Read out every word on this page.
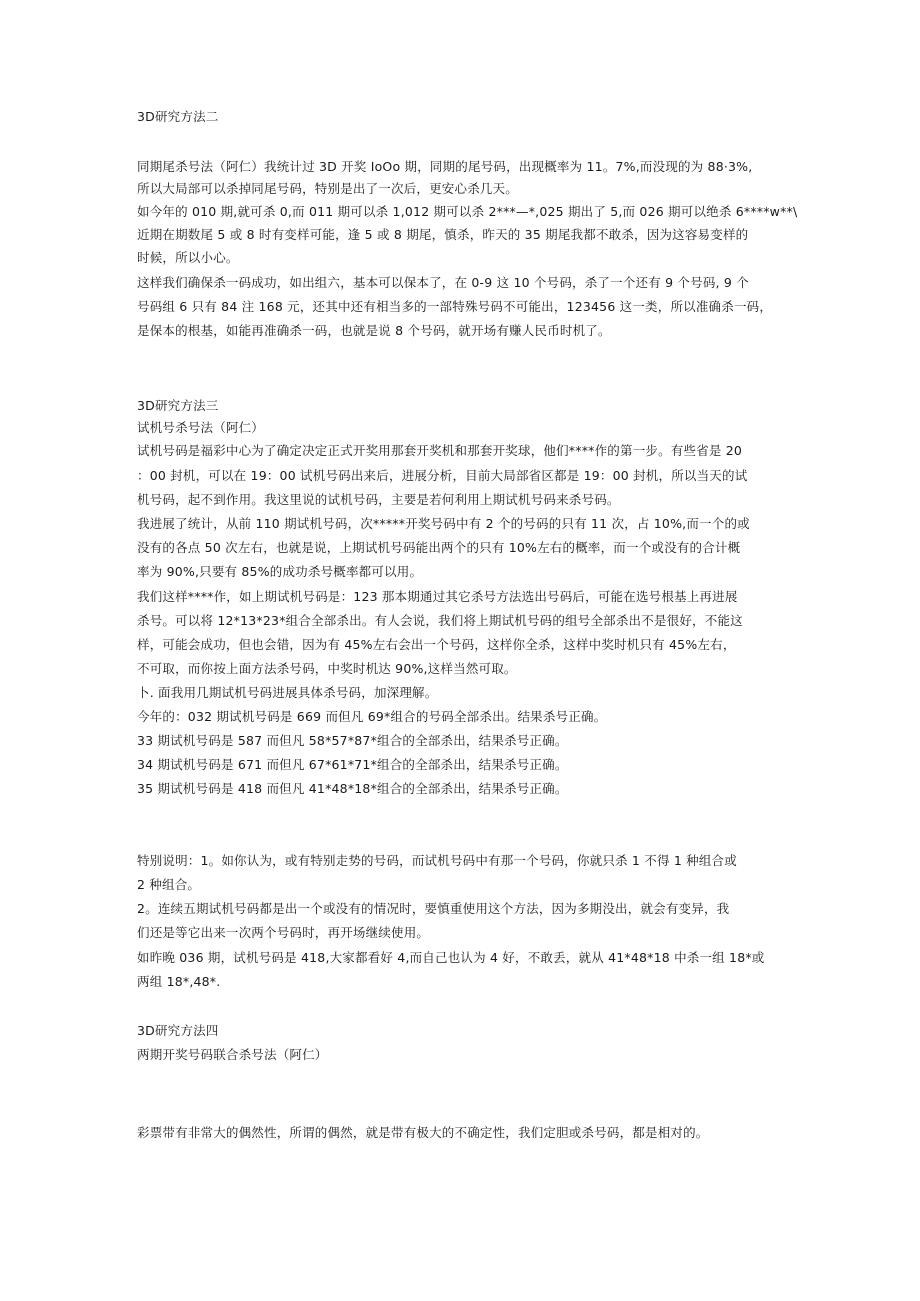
3D研究方法二
同期尾杀号法（阿仁）我统计过 3D 开奖 IoOo 期，同期的尾号码，出现概率为 11。7%,而没现的为 88·3%,
所以大局部可以杀掉同尾号码，特别是出了一次后，更安心杀几天。
如今年的 010 期,就可杀 0,而 011 期可以杀 1,012 期可以杀 2***—*,025 期出了 5,而 026 期可以绝杀 6****w**\
近期在期数尾 5 或 8 时有变样可能，逢 5 或 8 期尾，慎杀，昨天的 35 期尾我都不敢杀，因为这容易变样的
时候，所以小心。
这样我们确保杀一码成功，如出组六，基本可以保本了，在 0-9 这 10 个号码，杀了一个还有 9 个号码, 9 个
号码组 6 只有 84 注 168 元，还其中还有相当多的一部特殊号码不可能出，123456 这一类，所以准确杀一码，
是保本的根基，如能再准确杀一码，也就是说 8 个号码，就开场有赚人民币时机了。
3D研究方法三
试机号杀号法（阿仁）
试机号码是福彩中心为了确定决定正式开奖用那套开奖机和那套开奖球，他们****作的第一步。有些省是 20
：00 封机，可以在 19：00 试机号码出来后，进展分析，目前大局部省区都是 19：00 封机，所以当天的试
机号码，起不到作用。我这里说的试机号码，主要是若何利用上期试机号码来杀号码。
我进展了统计，从前 110 期试机号码，次*****开奖号码中有 2 个的号码的只有 11 次，占 10%,而一个的或
没有的各点 50 次左右，也就是说，上期试机号码能出两个的只有 10%左右的概率，而一个或没有的合计概
率为 90%,只要有 85%的成功杀号概率都可以用。
我们这样****作，如上期试机号码是：123 那本期通过其它杀号方法选出号码后，可能在选号根基上再进展
杀号。可以将 12*13*23*组合全部杀出。有人会说，我们将上期试机号码的组号全部杀出不是很好，不能这
样，可能会成功，但也会错，因为有 45%左右会出一个号码，这样你全杀，这样中奖时机只有 45%左右，
不可取，而你按上面方法杀号码，中奖时机达 90%,这样当然可取。
卜. 面我用几期试机号码进展具体杀号码，加深理解。
今年的：032 期试机号码是 669 而但凡 69*组合的号码全部杀出。结果杀号正确。
33 期试机号码是 587 而但凡 58*57*87*组合的全部杀出，结果杀号正确。
34 期试机号码是 671 而但凡 67*61*71*组合的全部杀出，结果杀号正确。
35 期试机号码是 418 而但凡 41*48*18*组合的全部杀出，结果杀号正确。
特别说明：1。如你认为，或有特别走势的号码，而试机号码中有那一个号码，你就只杀 1 不得 1 种组合或
2 种组合。
2。连续五期试机号码都是出一个或没有的情况时，要慎重使用这个方法，因为多期没出，就会有变异，我
们还是等它出来一次两个号码时，再开场继续使用。
如昨晚 036 期，试机号码是 418,大家都看好 4,而自己也认为 4 好，不敢丢，就从 41*48*18 中杀一组 18*或
两组 18*,48*.
3D研究方法四
两期开奖号码联合杀号法（阿仁）
彩票带有非常大的偶然性，所谓的偶然，就是带有极大的不确定性，我们定胆或杀号码，都是相对的。
